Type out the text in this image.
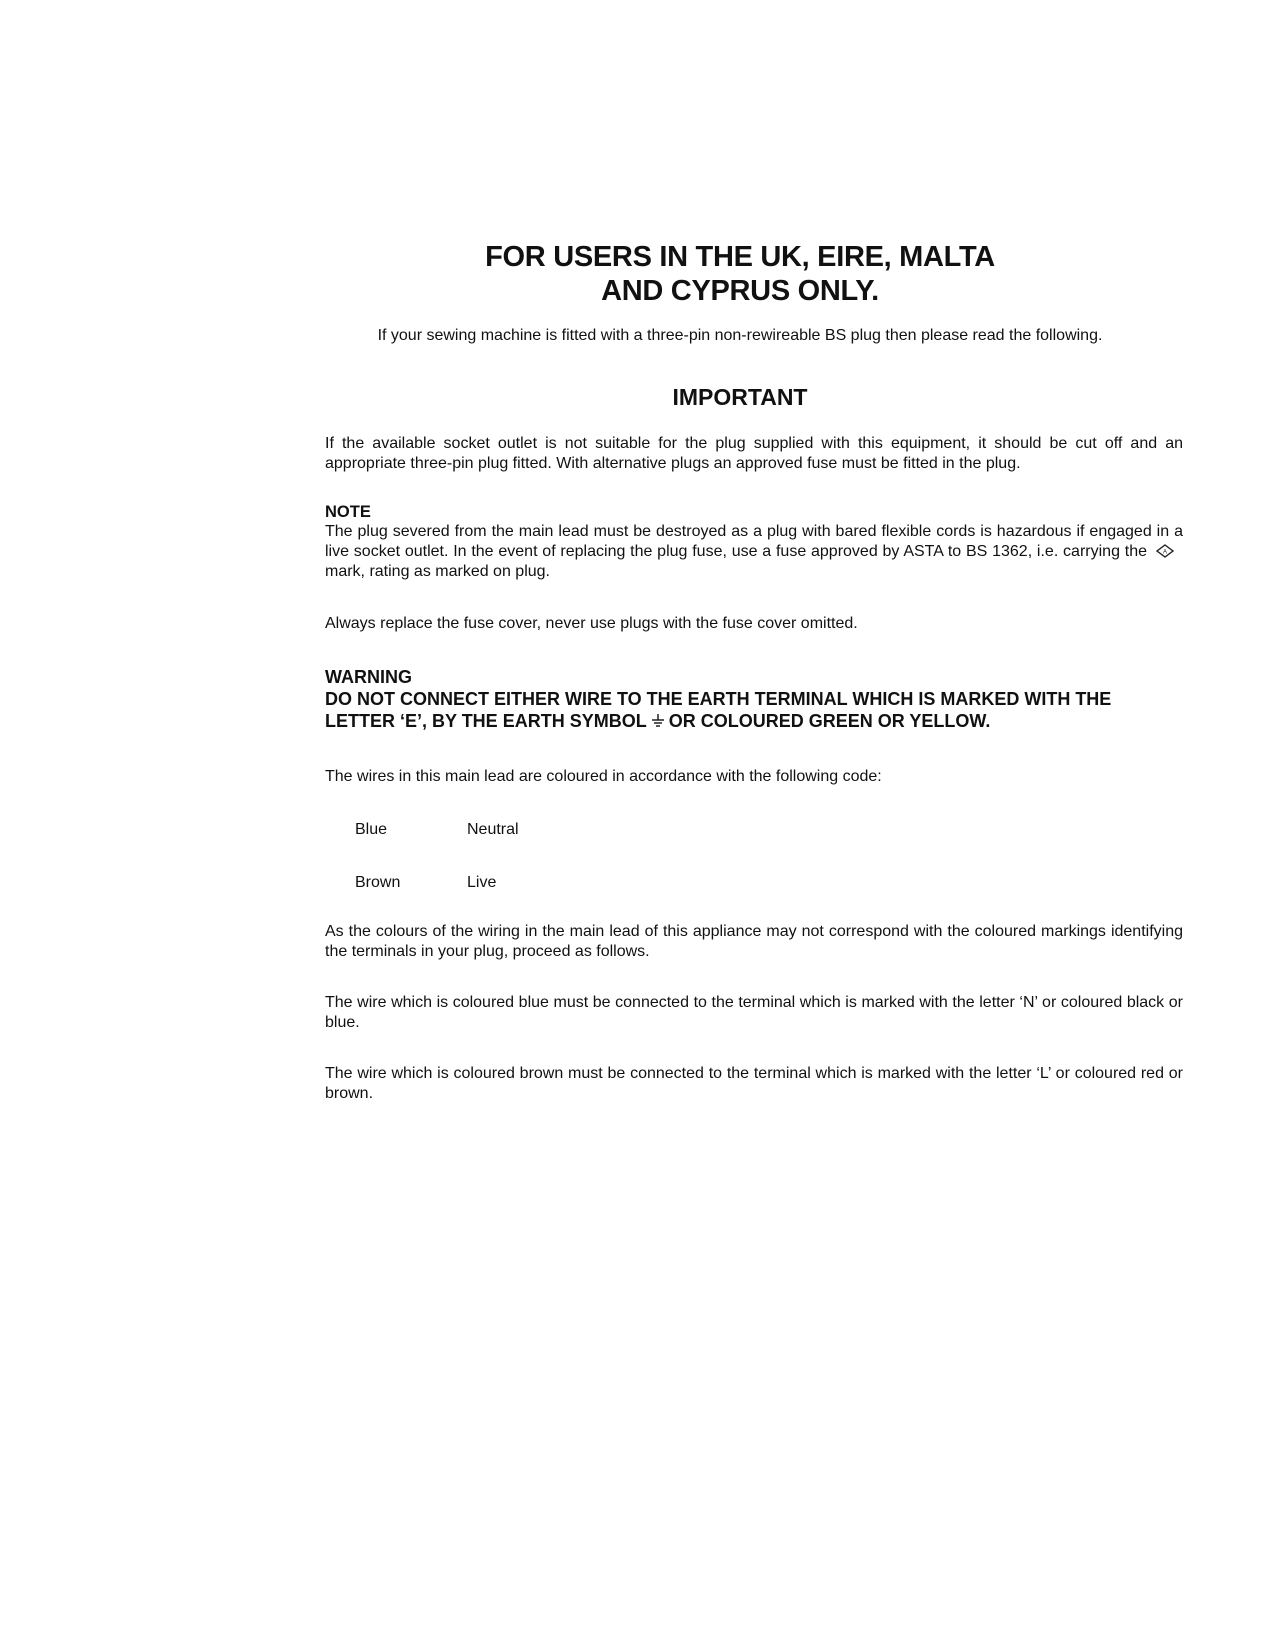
FOR USERS IN THE UK, EIRE, MALTA
AND CYPRUS ONLY.
If your sewing machine is fitted with a three-pin non-rewireable BS plug then please read the following.
IMPORTANT
If the available socket outlet is not suitable for the plug supplied with this equipment, it should be cut off and an appropriate three-pin plug fitted. With alternative plugs an approved fuse must be fitted in the plug.
NOTE
The plug severed from the main lead must be destroyed as a plug with bared flexible cords is hazardous if engaged in a live socket outlet. In the event of replacing the plug fuse, use a fuse approved by ASTA to BS 1362, i.e. carrying the	A
mark, rating as marked on plug.
Always replace the fuse cover, never use plugs with the fuse cover omitted.
WARNING
DO NOT CONNECT EITHER WIRE TO THE EARTH TERMINAL WHICH IS MARKED WITH THE LETTER ‘E’, BY THE EARTH SYMBOL OR COLOURED GREEN OR YELLOW.
The wires in this main lead are coloured in accordance with the following code:
Blue	Neutral
Brown	Live
As the colours of the wiring in the main lead of this appliance may not correspond with the coloured markings identifying the terminals in your plug, proceed as follows.
The wire which is coloured blue must be connected to the terminal which is marked with the letter ‘N’ or coloured black or blue.
The wire which is coloured brown must be connected to the terminal which is marked with the letter ‘L’ or coloured red or brown.
